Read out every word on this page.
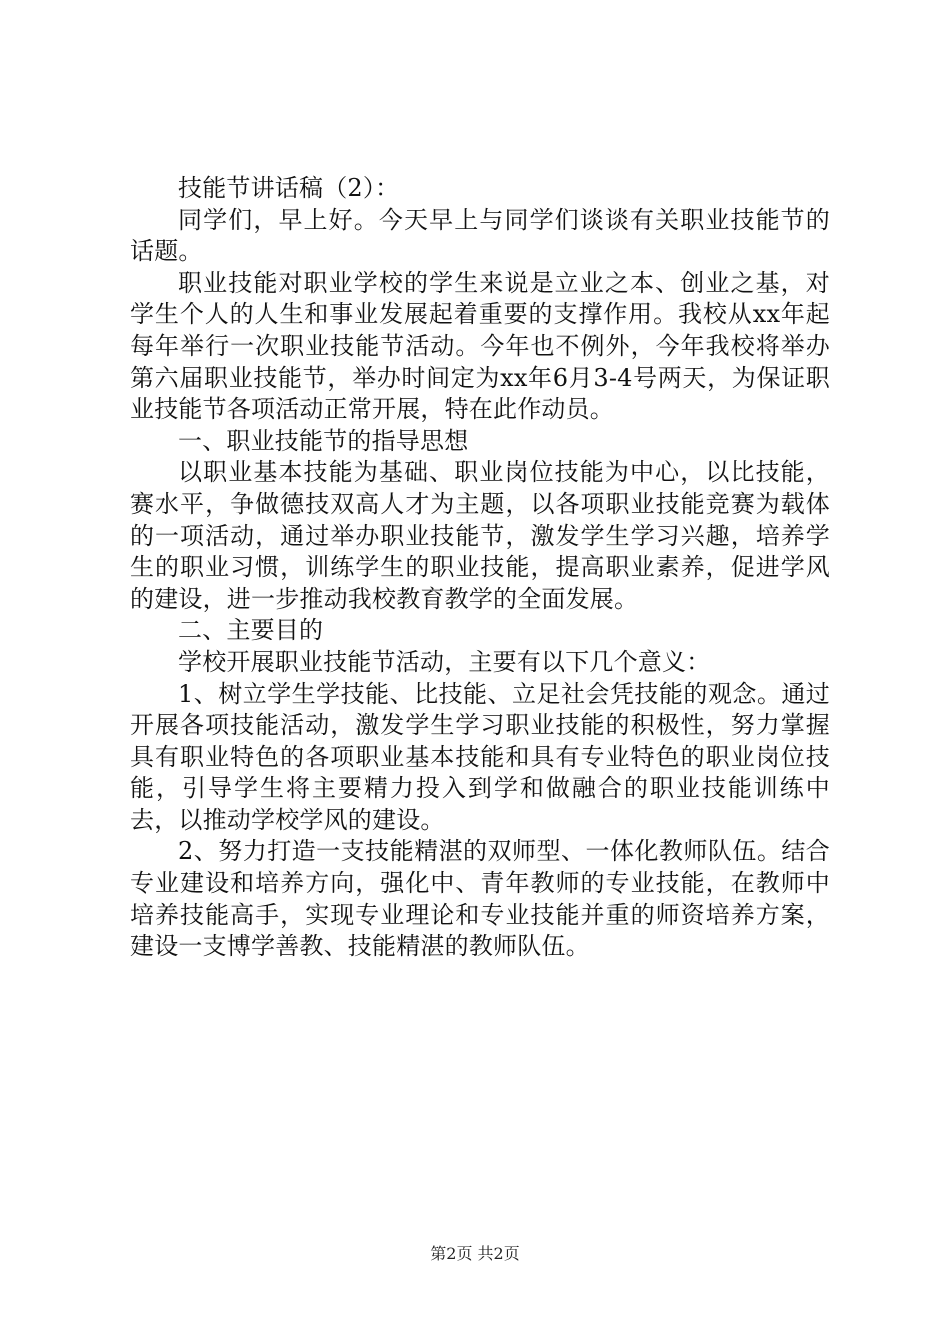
技能节讲话稿（2）：

同学们，早上好。今天早上与同学们谈谈有关职业技能节的话题。

职业技能对职业学校的学生来说是立业之本、创业之基，对学生个人的人生和事业发展起着重要的支撑作用。我校从xx年起每年举行一次职业技能节活动。今年也不例外，今年我校将举办第六届职业技能节，举办时间定为xx年6月3-4号两天，为保证职业技能节各项活动正常开展，特在此作动员。

一、职业技能节的指导思想

以职业基本技能为基础、职业岗位技能为中心，以比技能，赛水平，争做德技双高人才为主题，以各项职业技能竞赛为载体的一项活动，通过举办职业技能节，激发学生学习兴趣，培养学生的职业习惯，训练学生的职业技能，提高职业素养，促进学风的建设，进一步推动我校教育教学的全面发展。

二、主要目的

学校开展职业技能节活动，主要有以下几个意义：

1、树立学生学技能、比技能、立足社会凭技能的观念。通过开展各项技能活动，激发学生学习职业技能的积极性，努力掌握具有职业特色的各项职业基本技能和具有专业特色的职业岗位技能，引导学生将主要精力投入到学和做融合的职业技能训练中去，以推动学校学风的建设。

2、努力打造一支技能精湛的双师型、一体化教师队伍。结合专业建设和培养方向，强化中、青年教师的专业技能，在教师中培养技能高手，实现专业理论和专业技能并重的师资培养方案，建设一支博学善教、技能精湛的教师队伍。

第2页 共2页
